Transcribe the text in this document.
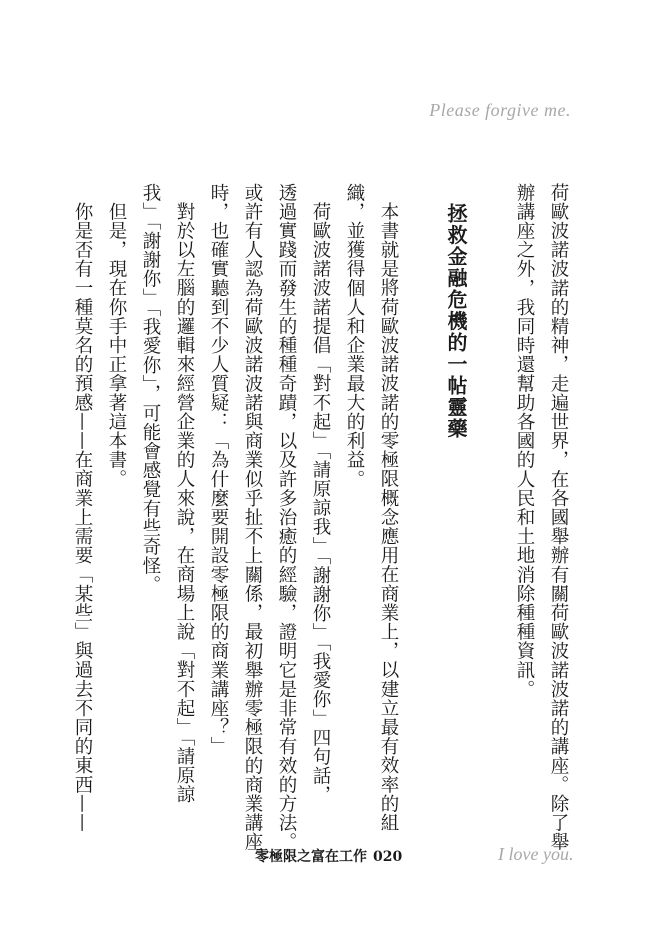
Please forgive me.
荷歐波諾波諾的精神，走遍世界，在各國舉辦有關荷歐波諾波諾的講座。除了舉
辦講座之外，我同時還幫助各國的人民和土地消除種種資訊。
拯救金融危機的一帖靈藥
本書就是將荷歐波諾波諾的零極限概念應用在商業上，以建立最有效率的組
織，並獲得個人和企業最大的利益。
荷歐波諾波諾提倡「對不起」「請原諒我」「謝謝你」「我愛你」四句話，
透過實踐而發生的種種奇蹟，以及許多治癒的經驗，證明它是非常有效的方法。
或許有人認為荷歐波諾波諾與商業似乎扯不上關係，最初舉辦零極限的商業講座
時，也確實聽到不少人質疑：「為什麼要開設零極限的商業講座？」
對於以左腦的邏輯來經營企業的人來說，在商場上說「對不起」「請原諒
我」「謝謝你」「我愛你」，可能會感覺有些奇怪。
但是，現在你手中正拿著這本書。
你是否有一種莫名的預感——在商業上需要「某些」與過去不同的東西——
零極限之富在工作 020	I love you.
